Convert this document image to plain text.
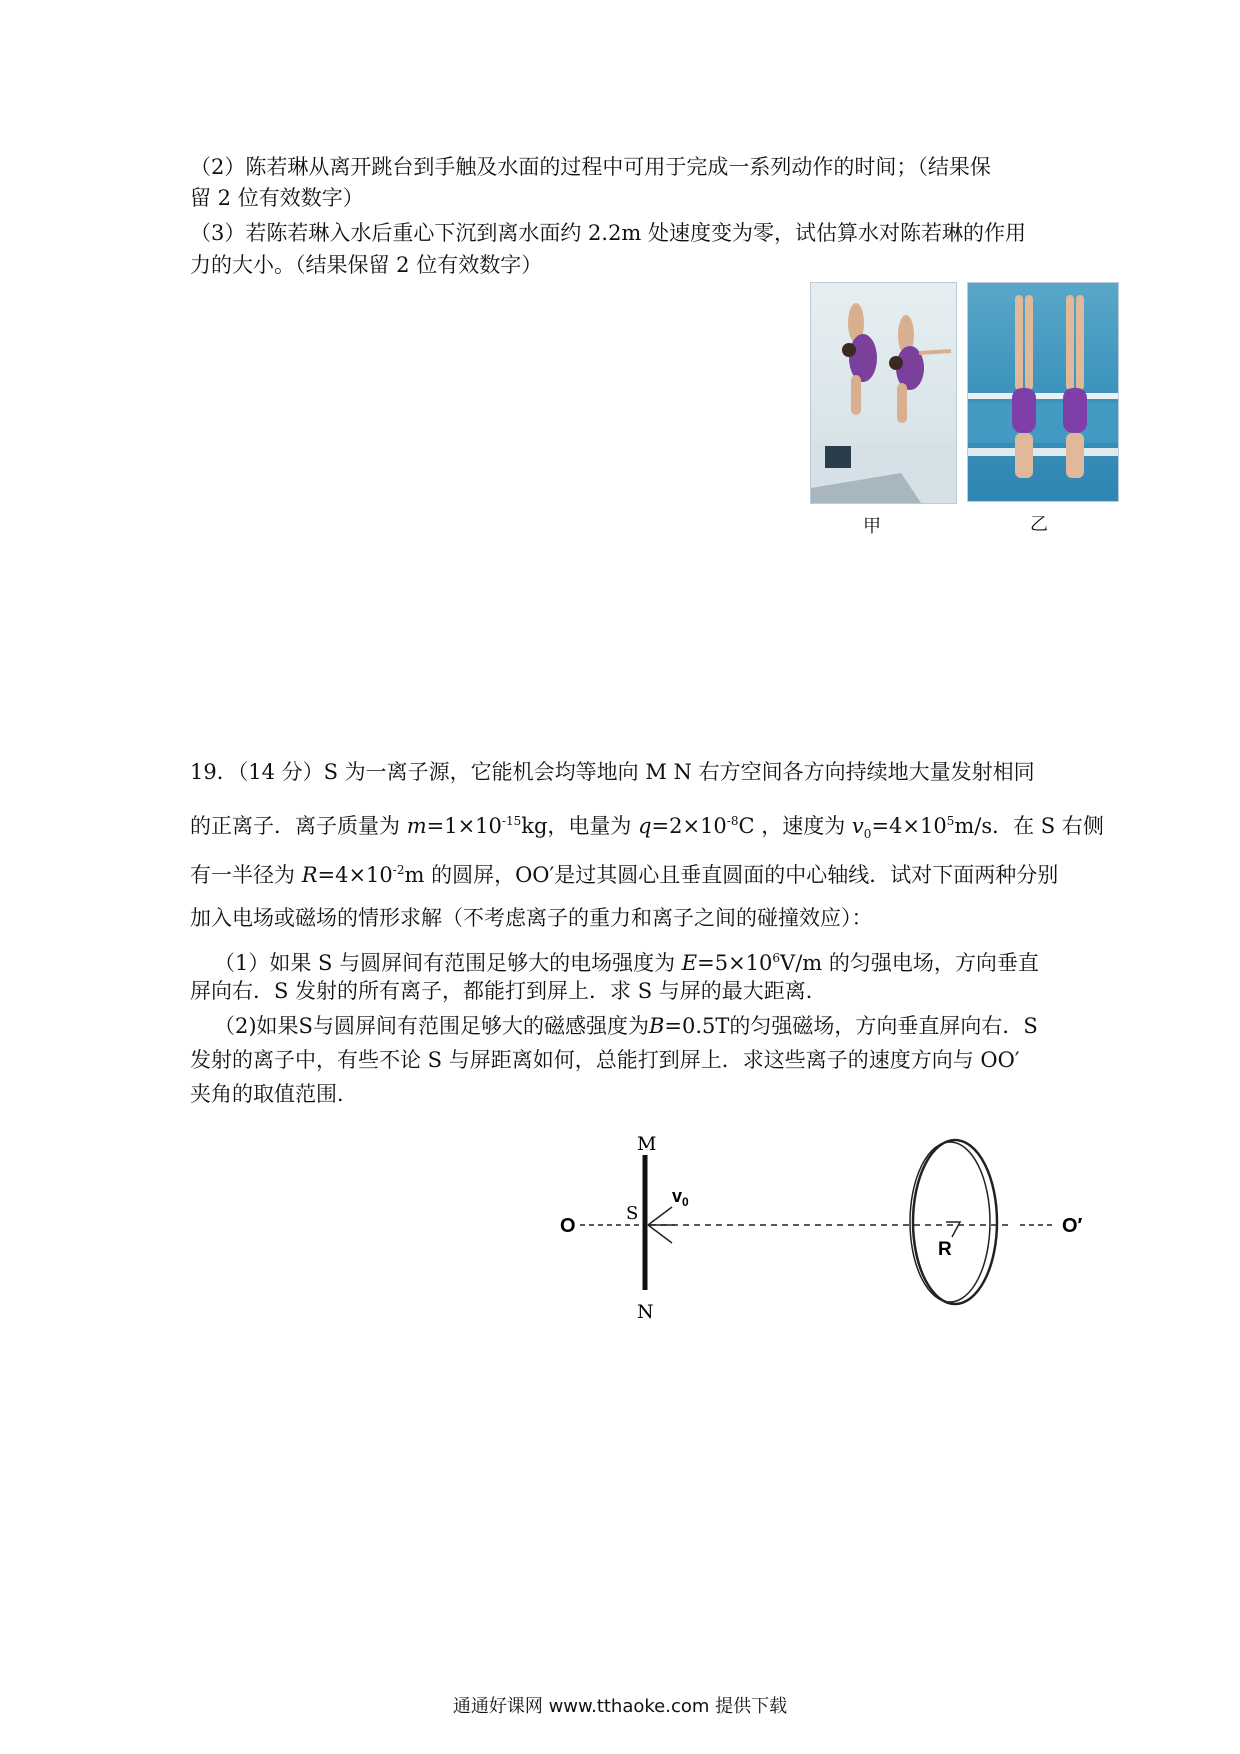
（2）陈若琳从离开跳台到手触及水面的过程中可用于完成一系列动作的时间；（结果保
留 2 位有效数字）
（3）若陈若琳入水后重心下沉到离水面约 2.2m 处速度变为零，试估算水对陈若琳的作用
力的大小。（结果保留 2 位有效数字）
甲	乙
19．（14 分）S 为一离子源，它能机会均等地向 M N 右方空间各方向持续地大量发射相同
的正离子．离子质量为 $m=1\times 10^{-15}kg$，电量为 $q=2\times 10^{-8}C$ ，速度为 $v_0=4\times 10^5m/s$．在 S 右侧
有一半径为 $R=4\times 10^{-2}m$ 的圆屏，OO′是过其圆心且垂直圆面的中心轴线．试对下面两种分别
加入电场或磁场的情形求解（不考虑离子的重力和离子之间的碰撞效应）：
（1）如果 S 与圆屏间有范围足够大的电场强度为 $E=5\times 10^6V/m$ 的匀强电场，方向垂直
屏向右．S 发射的所有离子，都能打到屏上．求 S 与屏的最大距离．
（2)如果S与圆屏间有范围足够大的磁感强度为B=0.5T的匀强磁场，方向垂直屏向右．S
发射的离子中，有些不论 S 与屏距离如何，总能打到屏上．求这些离子的速度方向与 OO′
夹角的取值范围．
M
N
S
O	O′
$v_0$
R
通通好课网 www.tthaoke.com 提供下载
